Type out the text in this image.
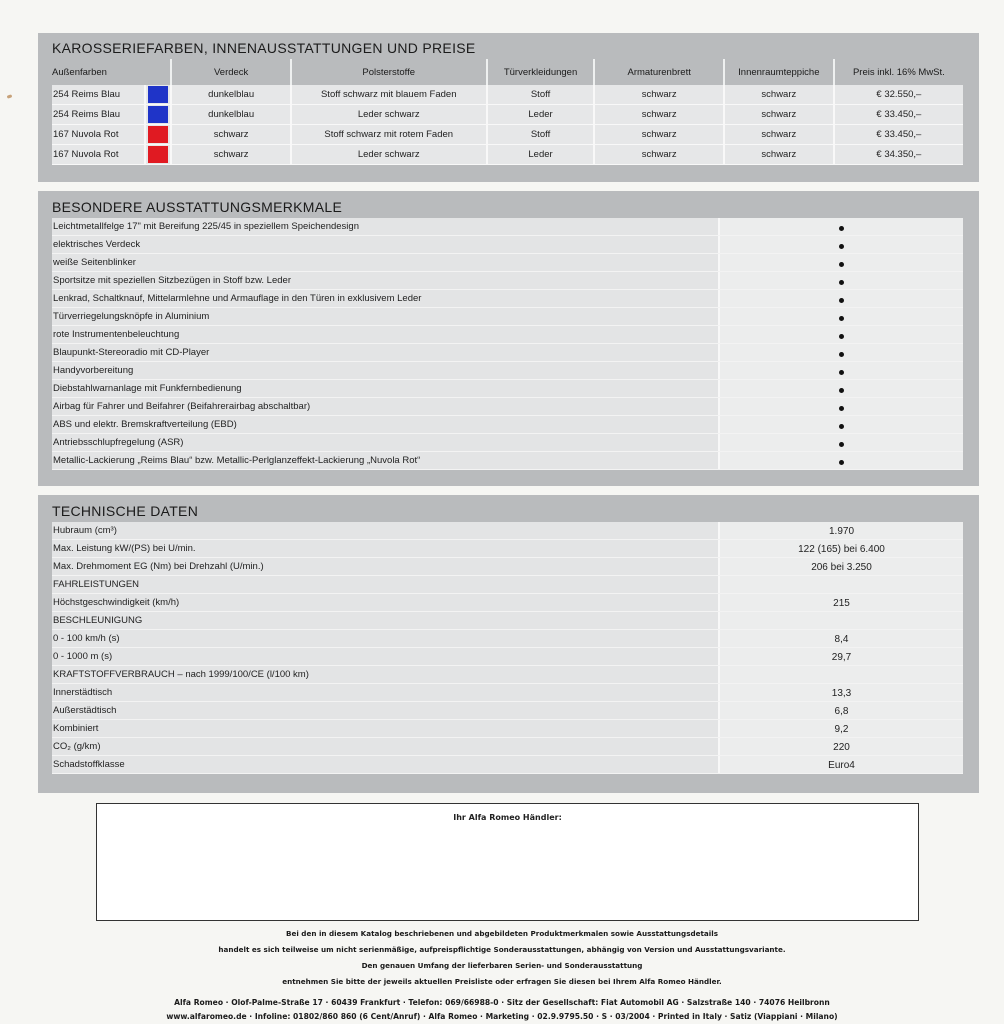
KAROSSERIEFARBEN, INNENAUSSTATTUNGEN UND PREISE
Außenfarben		Verdeck	Polsterstoffe	Türverkleidungen	Armaturenbrett	Innenraumteppiche	Preis inkl. 16% MwSt.
254 Reims Blau		dunkelblau	Stoff schwarz mit blauem Faden	Stoff	schwarz	schwarz	€ 32.550,–
254 Reims Blau		dunkelblau	Leder schwarz	Leder	schwarz	schwarz	€ 33.450,–
167 Nuvola Rot		schwarz	Stoff schwarz mit rotem Faden	Stoff	schwarz	schwarz	€ 33.450,–
167 Nuvola Rot		schwarz	Leder schwarz	Leder	schwarz	schwarz	€ 34.350,–
BESONDERE AUSSTATTUNGSMERKMALE
Leichtmetallfelge 17" mit Bereifung 225/45 in speziellem Speichendesign
elektrisches Verdeck
weiße Seitenblinker
Sportsitze mit speziellen Sitzbezügen in Stoff bzw. Leder
Lenkrad, Schaltknauf, Mittelarmlehne und Armauflage in den Türen in exklusivem Leder
Türverriegelungsknöpfe in Aluminium
rote Instrumentenbeleuchtung
Blaupunkt-Stereoradio mit CD-Player
Handyvorbereitung
Diebstahlwarnanlage mit Funkfernbedienung
Airbag für Fahrer und Beifahrer (Beifahrerairbag abschaltbar)
ABS und elektr. Bremskraftverteilung (EBD)
Antriebsschlupfregelung (ASR)
Metallic-Lackierung „Reims Blau“ bzw. Metallic-Perlglanzeffekt-Lackierung „Nuvola Rot“
TECHNISCHE DATEN
Hubraum (cm³)	1.970
Max. Leistung kW/(PS) bei U/min.	122 (165) bei 6.400
Max. Drehmoment EG (Nm) bei Drehzahl (U/min.)	206 bei 3.250
FAHRLEISTUNGEN
Höchstgeschwindigkeit (km/h)	215
BESCHLEUNIGUNG
0 - 100 km/h (s)	8,4
0 - 1000 m (s)	29,7
KRAFTSTOFFVERBRAUCH – nach 1999/100/CE (l/100 km)
Innerstädtisch	13,3
Außerstädtisch	6,8
Kombiniert	9,2
CO₂ (g/km)	220
Schadstoffklasse	Euro4
Ihr Alfa Romeo Händler:

Bei den in diesem Katalog beschriebenen und abgebildeten Produktmerkmalen sowie Ausstattungsdetails

handelt es sich teilweise um nicht serienmäßige, aufpreispflichtige Sonderausstattungen, abhängig von Version und Ausstattungsvariante.

Den genauen Umfang der lieferbaren Serien- und Sonderausstattung

entnehmen Sie bitte der jeweils aktuellen Preisliste oder erfragen Sie diesen bei Ihrem Alfa Romeo Händler.

Alfa Romeo · Olof-Palme-Straße 17 · 60439 Frankfurt · Telefon: 069/66988-0 · Sitz der Gesellschaft: Fiat Automobil AG · Salzstraße 140 · 74076 Heilbronn

www.alfaromeo.de · Infoline: 01802/860 860 (6 Cent/Anruf) · Alfa Romeo · Marketing · 02.9.9795.50 · S · 03/2004 · Printed in Italy · Satiz (Viappiani · Milano)
